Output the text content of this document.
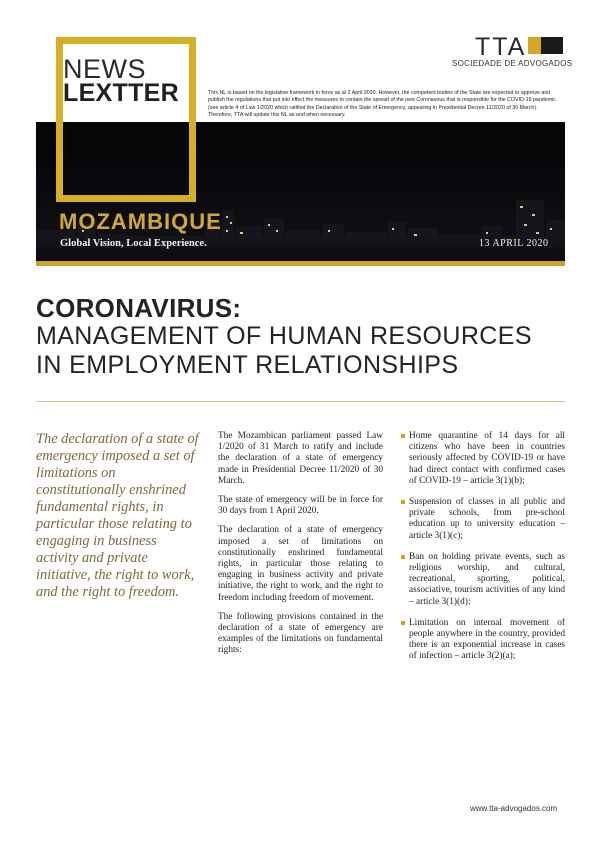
NEWS
LEXTTER
TTA
SOCIEDADE DE ADVOGADOS
This NL is based on the legislative framework in force as at 2 April 2020. However, the competent bodies of the State are expected to approve and publish the regulations that put into effect the measures to contain the spread of the new Coronavirus that is responsible for the COVID-19 pandemic (see article 4 of Law 1/2020 which ratified the Declaration of the State of Emergency, appearing in Presidential Decree 11/2020 of 30 March). Therefore, TTA will update this NL as and when necessary.
MOZAMBIQUE
Global Vision, Local Experience.	13 APRIL 2020
CORONAVIRUS:
MANAGEMENT OF HUMAN RESOURCES
IN EMPLOYMENT RELATIONSHIPS
The declaration of a state of emergency imposed a set of limitations on constitutionally enshrined fundamental rights, in particular those relating to engaging in business activity and private initiative, the right to work, and the right to freedom.

The Mozambican parliament passed Law 1/2020 of 31 March to ratify and include the declaration of a state of emergency made in Presidential Decree 11/2020 of 30 March.

The state of emergency will be in force for 30 days from 1 April 2020.

The declaration of a state of emergency imposed a set of limitations on constitutionally enshrined fundamental rights, in particular those relating to engaging in business activity and private initiative, the right to work, and the right to freedom including freedom of movement.

The following provisions contained in the declaration of a state of emergency are examples of the limitations on fundamental rights:

Home quarantine of 14 days for all citizens who have been in countries seriously affected by COVID-19 or have had direct contact with confirmed cases of COVID-19 – article 3(1)(b);
Suspension of classes in all public and private schools, from pre-school education up to university education – article 3(1)(c);
Ban on holding private events, such as religious worship, and cultural, recreational, sporting, political, associative, tourism activities of any kind – article 3(1)(d);
Limitation on internal movement of people anywhere in the country, provided there is an exponential increase in cases of infection – article 3(2)(a);
www.tta-advogados.com
